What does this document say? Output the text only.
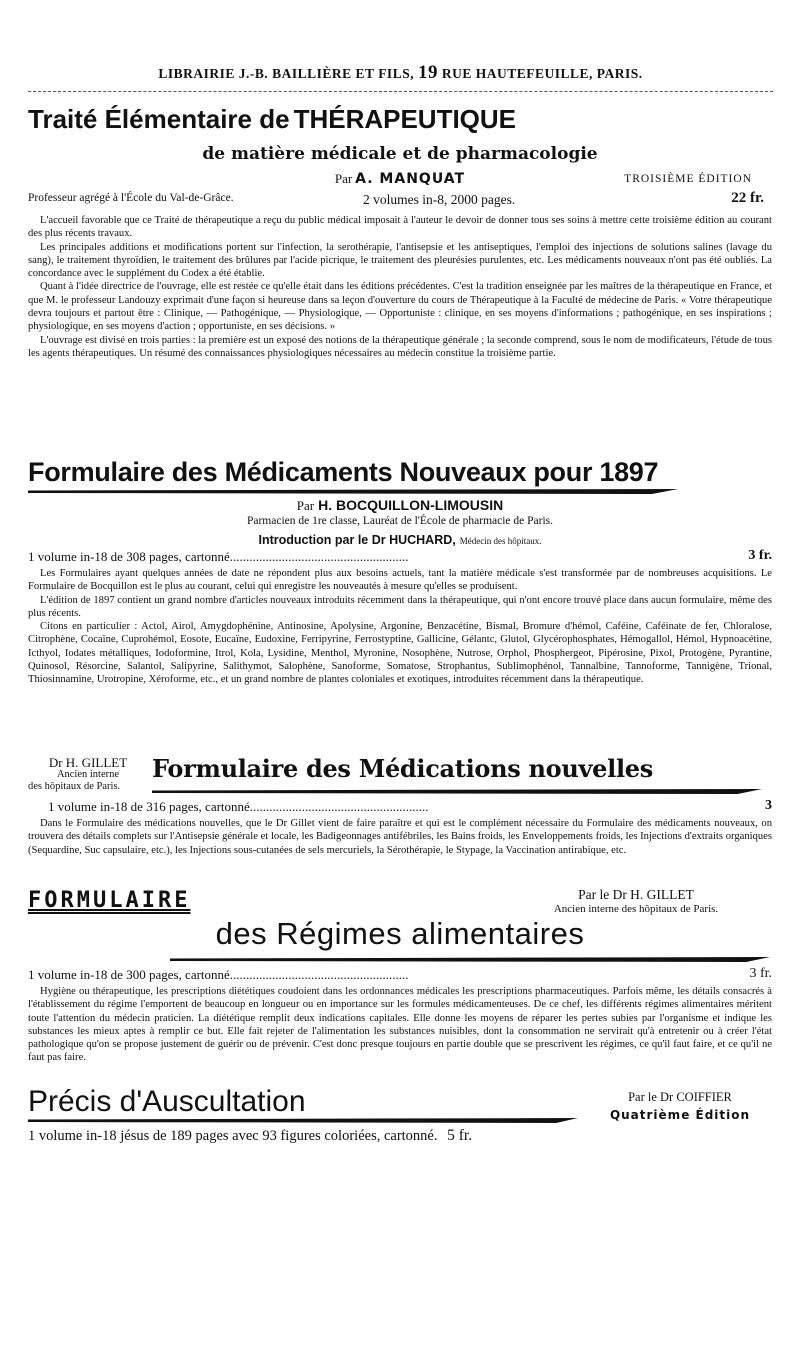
LIBRAIRIE J.-B. BAILLIÈRE ET FILS, 19 RUE HAUTEFEUILLE, PARIS.
Traité Élémentaire de THÉRAPEUTIQUE
de matière médicale et de pharmacologie
Par A. MANQUAT	TROISIÈME ÉDITION
Professeur agrégé à l'École du Val-de-Grâce.	2 volumes in-8, 2000 pages.	22 fr.

L'accueil favorable que ce Traité de thérapeutique a reçu du public médical imposait à l'auteur le devoir de donner tous ses soins à mettre cette troisième édition au courant des plus récents travaux.

Les principales additions et modifications portent sur l'infection, la serothérapie, l'antisepsie et les antiseptiques, l'emploi des injections de solutions salines (lavage du sang), le traitement thyroïdien, le traitement des brûlures par l'acide picrique, le traitement des pleurésies purulentes, etc. Les médicaments nouveaux n'ont pas été oubliés. La concordance avec le supplément du Codex a été établie.

Quant à l'idée directrice de l'ouvrage, elle est restée ce qu'elle était dans les éditions précédentes. C'est la tradition enseignée par les maîtres de la thérapeutique en France, et que M. le professeur Landouzy exprimait d'une façon si heureuse dans sa leçon d'ouverture du cours de Thérapeutique à la Faculté de médecine de Paris. « Votre thérapeutique devra toujours et partout être : Clinique, — Pathogénique, — Physiologique, — Opportuniste : clinique, en ses moyens d'informations ; pathogénique, en ses inspirations ; physiologique, en ses moyens d'action ; opportuniste, en ses décisions. »

L'ouvrage est divisé en trois parties : la première est un exposé des notions de la thérapeutique générale ; la seconde comprend, sous le nom de modificateurs, l'étude de tous les agents thérapeutiques. Un résumé des connaissances physiologiques nécessaires au médecin constitue la troisième partie.

Formulaire des Médicaments Nouveaux pour 1897
Par H. BOCQUILLON-LIMOUSIN
Parmacien de 1re classe, Lauréat de l'École de pharmacie de Paris.
Introduction par le Dr HUCHARD, Médecin des hôpitaux.
1 volume in-18 de 308 pages, cartonné.......................................................	3 fr.

Les Formulaires ayant quelques années de date ne répondent plus aux besoins actuels, tant la matière médicale s'est transformée par de nombreuses acquisitions. Le Formulaire de Bocquillon est le plus au courant, celui qui enregistre les nouveautés à mesure qu'elles se produisent.

L'édition de 1897 contient un grand nombre d'articles nouveaux introduits récemment dans la thérapeutique, qui n'ont encore trouvé place dans aucun formulaire, même des plus récents.

Citons en particulier : Actol, Airol, Amygdophénine, Antinosine, Apolysine, Argonine, Benzacétine, Bismal, Bromure d'hémol, Caféine, Caféinate de fer, Chloralose, Citrophène, Cocaïne, Cuprohémol, Eosote, Eucaïne, Eudoxine, Ferripyrine, Ferrostyptine, Gallicine, Gélantc, Glutol, Glycérophosphates, Hémogallol, Hémol, Hypnoacétine, Icthyol, Iodates métalliques, Iodoformine, Itrol, Kola, Lysidine, Menthol, Myronine, Nosophène, Nutrose, Orphol, Phosphergeot, Pipérosine, Pixol, Protogène, Pyrantine, Quinosol, Résorcine, Salantol, Salipyrine, Salithymot, Salophène, Sanoforme, Somatose, Strophantus, Sublimophénol, Tannalbine, Tannoforme, Tannigène, Trional, Thiosinnamine, Urotropine, Xéroforme, etc., et un grand nombre de plantes coloniales et exotiques, introduites récemment dans la thérapeutique.

Dr H. GILLET
Ancien interne
des hôpitaux de Paris.
Formulaire des Médications nouvelles
1 volume in-18 de 316 pages, cartonné.......................................................	3

Dans le Formulaire des médications nouvelles, que le Dr Gillet vient de faire paraître et qui est le complément nécessaire du Formulaire des médicaments nouveaux, on trouvera des détails complets sur l'Antisepsie générale et locale, les Badigeonnages antifébriles, les Bains froids, les Enveloppements froids, les Injections d'extraits organiques (Sequardine, Suc capsulaire, etc.), les Injections sous-cutanées de sels mercuriels, la Sérothérapie, le Stypage, la Vaccination antirabique, etc.

FORMULAIRE	Par le Dr H. GILLET
Ancien interne des hôpitaux de Paris.
des Régimes alimentaires
1 volume in-18 de 300 pages, cartonné.......................................................	3 fr.

Hygiène ou thérapeutique, les prescriptions diététiques coudoient dans les ordonnances médicales les prescriptions pharmaceutiques. Parfois même, les détails consacrés à l'établissement du régime l'emportent de beaucoup en longueur ou en importance sur les formules médicamenteuses. De ce chef, les différents régimes alimentaires méritent toute l'attention du médecin praticien. La diététique remplit deux indications capitales. Elle donne les moyens de réparer les pertes subies par l'organisme et indique les substances les mieux aptes à remplir ce but. Elle fait rejeter de l'alimentation les substances nuisibles, dont la consommation ne servirait qu'à entretenir ou à créer l'état pathologique qu'on se propose justement de guérir ou de prévenir. C'est donc presque toujours en partie double que se prescrivent les régimes, ce qu'il faut faire, et ce qu'il ne faut pas faire.

Précis d'Auscultation	Par le Dr COIFFIER
Quatrième Édition
1 volume in-18 jésus de 189 pages avec 93 figures coloriées, cartonné. 5 fr.
